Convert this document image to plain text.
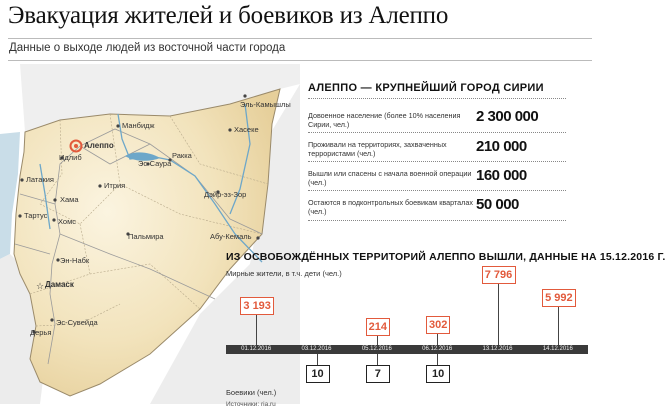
Эвакуация жителей и боевиков из Алеппо
Данные о выходе людей из восточной части города
☆
Эль-Камышлы
Манбидж	Хасеке
Алеппо
Идлиб	Ракка
Эс-Саура
Латакия
Итрия
Дэйр-эз-Зор
Хама
Тартус
Хомс
Пальмира	Абу-Кемаль
Эн-Набк
Дамаск
Эс-Сувейда
Дерья
АЛЕППО — КРУПНЕЙШИЙ ГОРОД СИРИИ
Довоенное население (более 10% населения Сирии, чел.)	2 300 000
Проживали на территориях, захваченных террористами (чел.)	210 000
Вышли или спасены с начала военной операции (чел.)	160 000
Остаются в подконтрольных боевикам кварталах (чел.)	50 000
ИЗ ОСВОБОЖДЁННЫХ ТЕРРИТОРИЙ АЛЕППО ВЫШЛИ, ДАННЫЕ НА 15.12.2016 Г.
Мирные жители, в т.ч. дети (чел.)
Боевики (чел.)
Источники: ria.ru
01.12.2016
3 193
03.12.2016
10
05.12.2016
214
7
06.12.2016
302
10
13.12.2016
7 796
14.12.2016
5 992
